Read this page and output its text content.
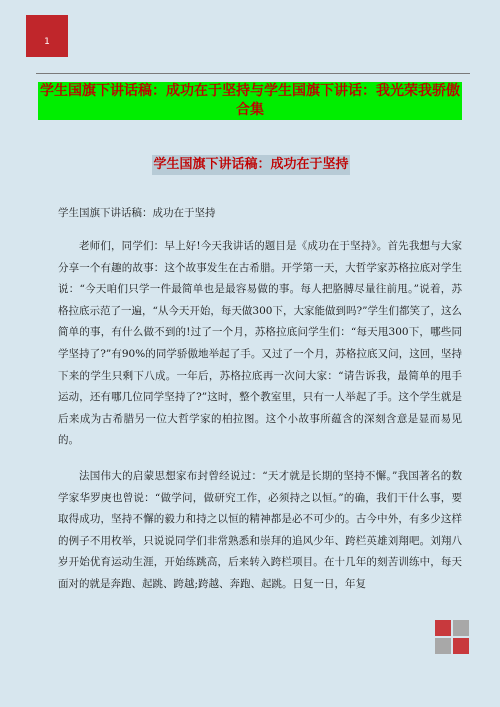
1
学生国旗下讲话稿：成功在于坚持与学生国旗下讲话：我光荣我骄傲合集
学生国旗下讲话稿：成功在于坚持
学生国旗下讲话稿：成功在于坚持
老师们，同学们：早上好!今天我讲话的题目是《成功在于坚持》。首先我想与大家分享一个有趣的故事：这个故事发生在古希腊。开学第一天，大哲学家苏格拉底对学生说：“今天咱们只学一件最简单也是最容易做的事。每人把胳膊尽量往前甩。”说着，苏格拉底示范了一遍，“从今天开始，每天做300下，大家能做到吗?”学生们都笑了，这么简单的事，有什么做不到的!过了一个月，苏格拉底问学生们：“每天甩300下，哪些同学坚持了?”有90%的同学骄傲地举起了手。又过了一个月，苏格拉底又问，这回，坚持下来的学生只剩下八成。一年后，苏格拉底再一次问大家：“请告诉我，最简单的甩手运动，还有哪几位同学坚持了?”这时，整个教室里，只有一人举起了手。这个学生就是后来成为古希腊另一位大哲学家的柏拉图。这个小故事所蕴含的深刻含意是显而易见的。
法国伟大的启蒙思想家布封曾经说过：“天才就是长期的坚持不懈。”我国著名的数学家华罗庚也曾说：“做学问，做研究工作，必须持之以恒。”的确，我们干什么事，要取得成功，坚持不懈的毅力和持之以恒的精神都是必不可少的。古今中外，有多少这样的例子不用枚举，只说说同学们非常熟悉和崇拜的追风少年、跨栏英雄刘翔吧。刘翔八岁开始优育运动生涯，开始练跳高，后来转入跨栏项目。在十几年的刻苦训练中，每天面对的就是奔跑、起跳、跨越;跨越、奔跑、起跳。日复一日，年复
